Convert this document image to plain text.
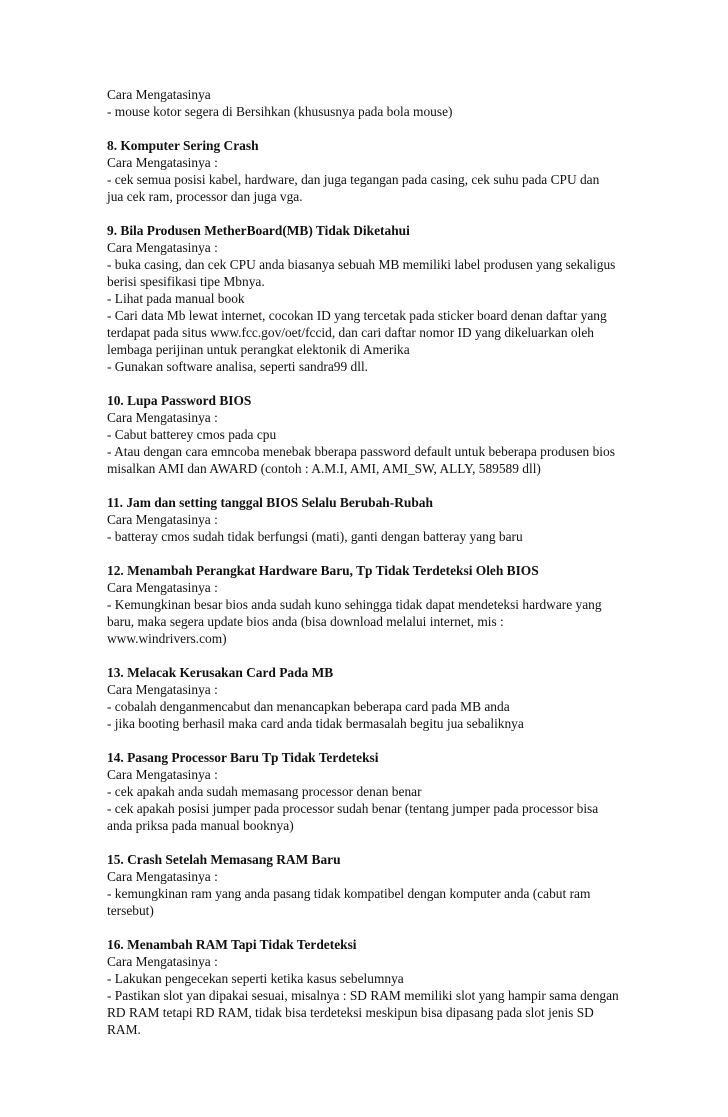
Cara Mengatasinya
- mouse kotor segera di Bersihkan (khususnya pada bola mouse)
8. Komputer Sering Crash
Cara Mengatasinya :
- cek semua posisi kabel, hardware, dan juga tegangan pada casing, cek suhu pada CPU dan jua cek ram, processor dan juga vga.
9. Bila Produsen MetherBoard(MB) Tidak Diketahui
Cara Mengatasinya :
- buka casing, dan cek CPU anda biasanya sebuah MB memiliki label produsen yang sekaligus berisi spesifikasi tipe Mbnya.
- Lihat pada manual book
- Cari data Mb lewat internet, cocokan ID yang tercetak pada sticker board denan daftar yang terdapat pada situs www.fcc.gov/oet/fccid, dan cari daftar nomor ID yang dikeluarkan oleh lembaga perijinan untuk perangkat elektonik di Amerika
- Gunakan software analisa, seperti sandra99 dll.
10. Lupa Password BIOS
Cara Mengatasinya :
- Cabut batterey cmos pada cpu
- Atau dengan cara emncoba menebak bberapa password default untuk beberapa produsen bios misalkan AMI dan AWARD (contoh : A.M.I, AMI, AMI_SW, ALLY, 589589 dll)
11. Jam dan setting tanggal BIOS Selalu Berubah-Rubah
Cara Mengatasinya :
- batteray cmos sudah tidak berfungsi (mati), ganti dengan batteray yang baru
12. Menambah Perangkat Hardware Baru, Tp Tidak Terdeteksi Oleh BIOS
Cara Mengatasinya :
- Kemungkinan besar bios anda sudah kuno sehingga tidak dapat mendeteksi hardware yang baru, maka segera update bios anda (bisa download melalui internet, mis : www.windrivers.com)
13. Melacak Kerusakan Card Pada MB
Cara Mengatasinya :
- cobalah denganmencabut dan menancapkan beberapa card pada MB anda
- jika booting berhasil maka card anda tidak bermasalah begitu jua sebaliknya
14. Pasang Processor Baru Tp Tidak Terdeteksi
Cara Mengatasinya :
- cek apakah anda sudah memasang processor denan benar
- cek apakah posisi jumper pada processor sudah benar (tentang jumper pada processor bisa anda priksa pada manual booknya)
15. Crash Setelah Memasang RAM Baru
Cara Mengatasinya :
- kemungkinan ram yang anda pasang tidak kompatibel dengan komputer anda (cabut ram tersebut)
16. Menambah RAM Tapi Tidak Terdeteksi
Cara Mengatasinya :
- Lakukan pengecekan seperti ketika kasus sebelumnya
- Pastikan slot yan dipakai sesuai, misalnya : SD RAM memiliki slot yang hampir sama dengan RD RAM tetapi RD RAM, tidak bisa terdeteksi meskipun bisa dipasang pada slot jenis SD RAM.
